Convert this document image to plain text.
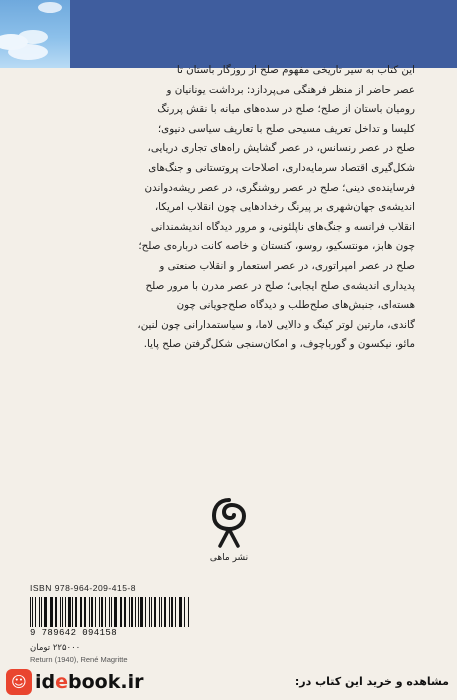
این کتاب به سیر تاریخی مفهوم صلح از روزگار باستان تا
عصر حاضر از منظر فرهنگی می‌پردازد: برداشت یونانیان و
رومیان باستان از صلح؛ صلح در سده‌های میانه با نقش پررنگ
کلیسا و تداخل تعریف مسیحی صلح با تعاریف سیاسی دنیوی؛
صلح در عصر رنسانس، در عصر گشایش راه‌های تجاری دریایی،
شکل‌گیری اقتصاد سرمایه‌داری، اصلاحات پروتستانی و جنگ‌های
فرساینده‌ی دینی؛ صلح در عصر روشنگری، در عصر ریشه‌دواندن
اندیشه‌ی جهان‌شهری بر پیرنگ رخدادهایی چون انقلاب امریکا،
انقلاب فرانسه و جنگ‌های ناپلئونی، و مرور دیدگاه اندیشمندانی
چون هابز، مونتسکیو، روسو، کنستان و خاصه کانت درباره‌ی صلح؛
صلح در عصر امپراتوری، در عصر استعمار و انقلاب صنعتی و
پدیداری اندیشه‌ی صلح ایجابی؛ صلح در عصر مدرن با مرور صلح
هسته‌ای، جنبش‌های صلح‌طلب و دیدگاه صلح‌جویانی چون
گاندی، مارتین لوتر کینگ و دالایی لاما، و سیاستمدارانی چون لنین،
مائو، نیکسون و گورباچوف، و امکان‌سنجی شکل‌گرفتن صلح پایا.
نشر ماهی
ISBN 978-964-209-415-8
9 789642 094158
۲۲۵۰۰۰ تومان
Return (1940), René Magritte
☺ idebook.ir	مشاهده و خرید این کتاب در:
